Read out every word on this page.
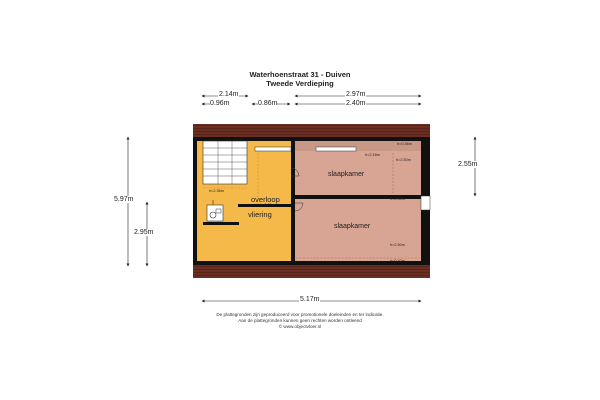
Waterhoenstraat 31 - Duiven
Tweede Verdieping
2.14m	2.97m
0.96m	0.86m	2.40m
5.97m
2.95m
2.55m
5.17m
overloop
vliering
slaapkamer
slaapkamer
h=2.18m
h=2.50m
h=0.36m
h=2.36m
h=2.31m
h=2.50m
h=2.50m
h=0.40m
De plattegronden zijn geproduceerd voor promotionele doeleinden en ter indicatie.
Aan de plattegronden kunnen geen rechten worden ontleend
© www.objectvloer.nl
